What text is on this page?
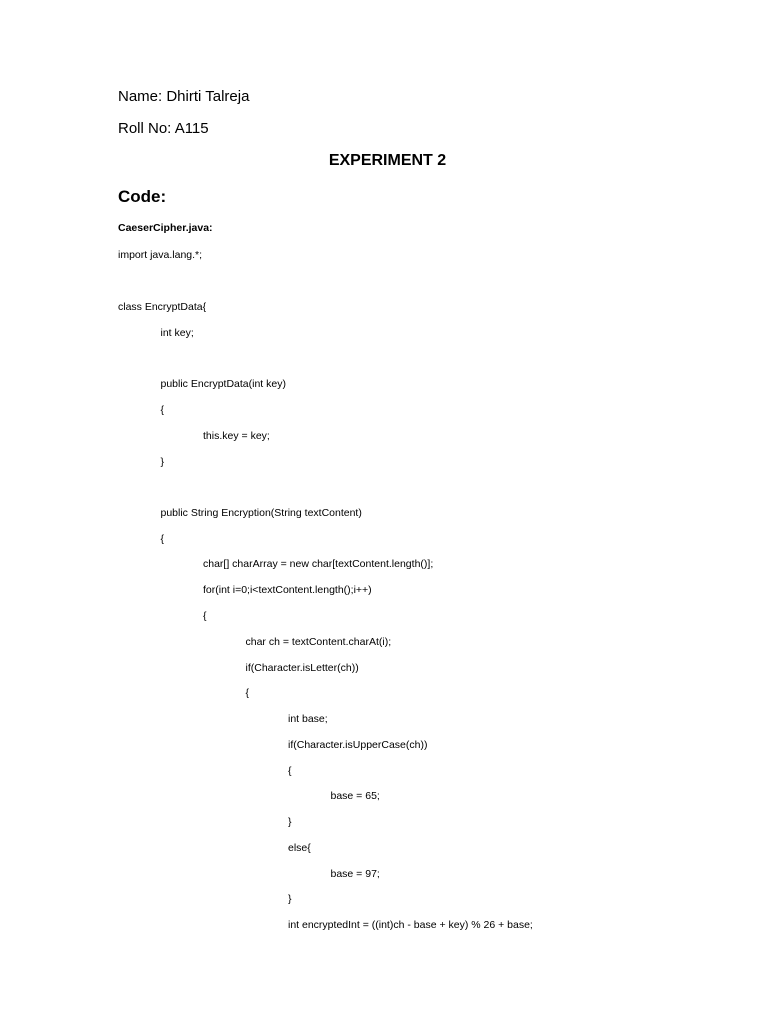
Name: Dhirti Talreja
Roll No: A115
EXPERIMENT 2
Code:
CaeserCipher.java:
import java.lang.*;
class EncryptData{
int key;
public EncryptData(int key)
{
this.key = key;
}
public String Encryption(String textContent)
{
char[] charArray = new char[textContent.length()];
for(int i=0;i<textContent.length();i++)
{
char ch = textContent.charAt(i);
if(Character.isLetter(ch))
{
int base;
if(Character.isUpperCase(ch))
{
base = 65;
}
else{
base = 97;
}
int encryptedInt = ((int)ch - base + key) % 26 + base;
